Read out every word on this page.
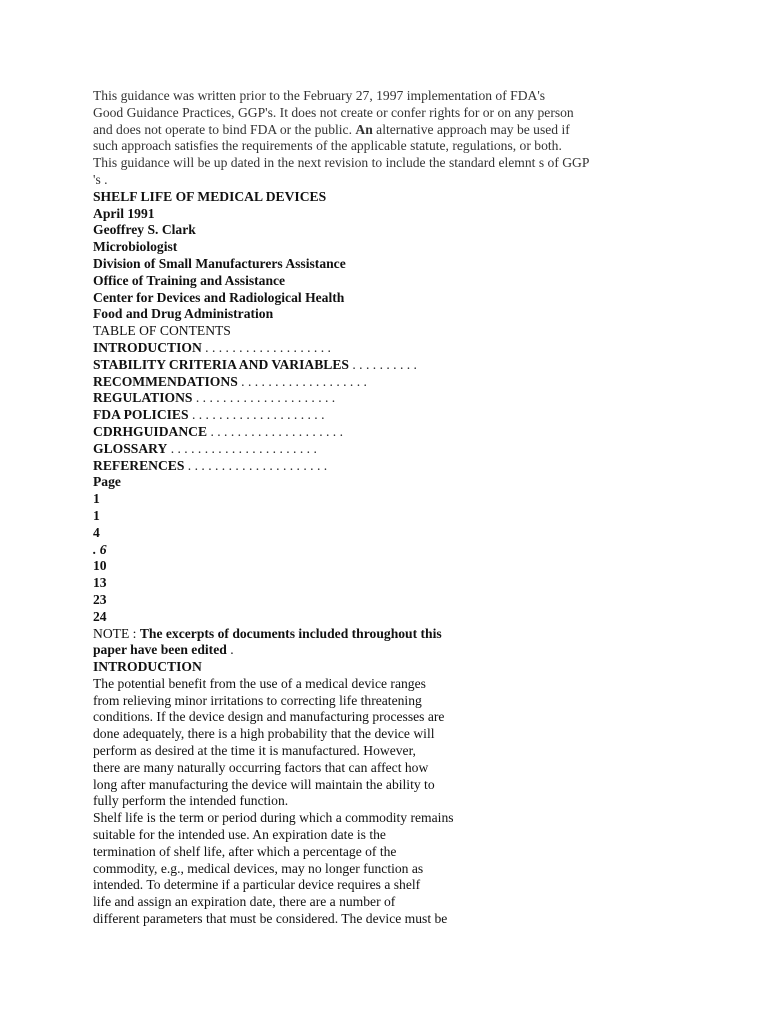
This guidance was written prior to the February 27, 1997 implementation of FDA's
Good Guidance Practices, GGP's. It does not create or confer rights for or on any person
and does not operate to bind FDA or the public. An alternative approach may be used if
such approach satisfies the requirements of the applicable statute, regulations, or both.
This guidance will be up dated in the next revision to include the standard elemnt s of GGP
's .
SHELF LIFE OF MEDICAL DEVICES
April 1991
Geoffrey S. Clark
Microbiologist
Division of Small Manufacturers Assistance
Office of Training and Assistance
Center for Devices and Radiological Health
Food and Drug Administration
TABLE OF CONTENTS
INTRODUCTION . . . . . . . . . . . . . . . . . . .
STABILITY CRITERIA AND VARIABLES . . . . . . . . . .
RECOMMENDATIONS . . . . . . . . . . . . . . . . . . .
REGULATIONS . . . . . . . . . . . . . . . . . . . . .
FDA POLICIES . . . . . . . . . . . . . . . . . . . .
CDRHGUIDANCE . . . . . . . . . . . . . . . . . . . .
GLOSSARY . . . . . . . . . . . . . . . . . . . . . .
REFERENCES . . . . . . . . . . . . . . . . . . . . .
Page
1
1
4
. 6
10
13
23
24
NOTE : The excerpts of documents included throughout this
paper have been edited .
INTRODUCTION
The potential benefit from the use of a medical device ranges
from relieving minor irritations to correcting life threatening
conditions. If the device design and manufacturing processes are
done adequately, there is a high probability that the device will
perform as desired at the time it is manufactured. However,
there are many naturally occurring factors that can affect how
long after manufacturing the device will maintain the ability to
fully perform the intended function.
Shelf life is the term or period during which a commodity remains
suitable for the intended use. An expiration date is the
termination of shelf life, after which a percentage of the
commodity, e.g., medical devices, may no longer function as
intended. To determine if a particular device requires a shelf
life and assign an expiration date, there are a number of
different parameters that must be considered. The device must be
